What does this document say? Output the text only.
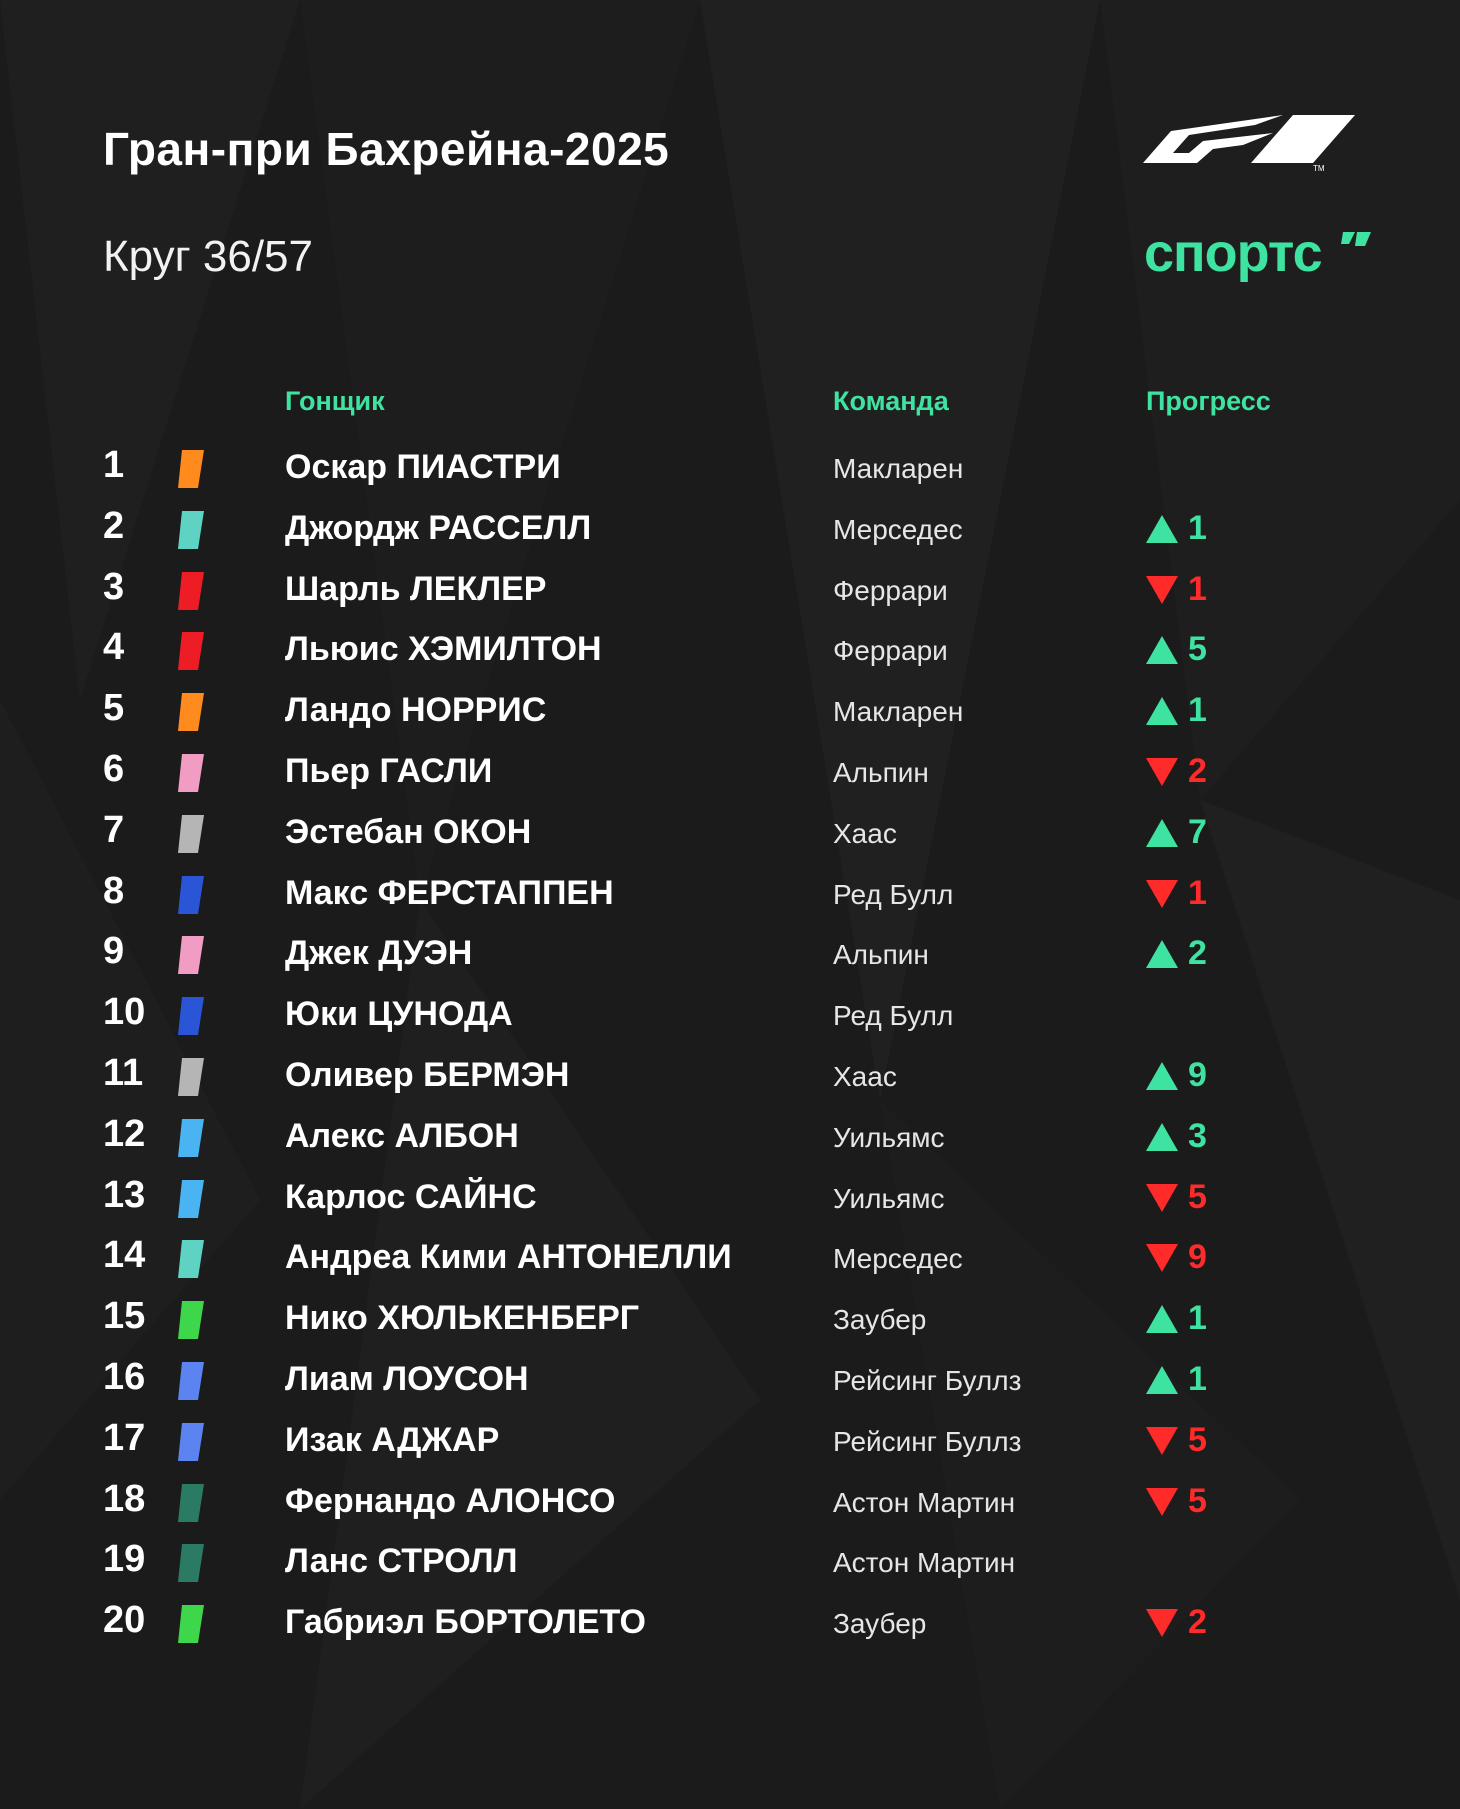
Гран-при Бахрейна-2025
Круг 36/57
TM
спортс
Гонщик	Команда	Прогресс
1	Оскар ПИАСТРИ	Макларен
2	Джордж РАССЕЛЛ	Мерседес	1
3	Шарль ЛЕКЛЕР	Феррари	1
4	Льюис ХЭМИЛТОН	Феррари	5
5	Ландо НОРРИС	Макларен	1
6	Пьер ГАСЛИ	Альпин	2
7	Эстебан ОКОН	Хаас	7
8	Макс ФЕРСТАППЕН	Ред Булл	1
9	Джек ДУЭН	Альпин	2
10	Юки ЦУНОДА	Ред Булл
11	Оливер БЕРМЭН	Хаас	9
12	Алекс АЛБОН	Уильямс	3
13	Карлос САЙНС	Уильямс	5
14	Андреа Кими АНТОНЕЛЛИ	Мерседес	9
15	Нико ХЮЛЬКЕНБЕРГ	Заубер	1
16	Лиам ЛОУСОН	Рейсинг Буллз	1
17	Изак АДЖАР	Рейсинг Буллз	5
18	Фернандо АЛОНСО	Астон Мартин	5
19	Ланс СТРОЛЛ	Астон Мартин
20	Габриэл БОРТОЛЕТО	Заубер	2
